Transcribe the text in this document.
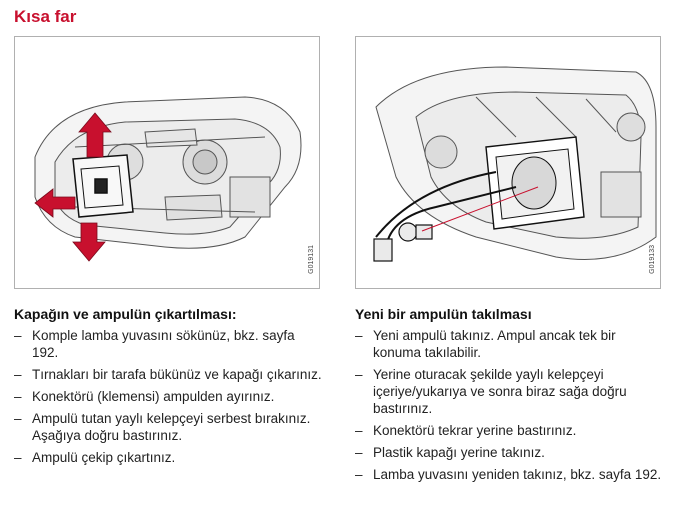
Kısa far
G019131	G019133
Kapağın ve ampulün çıkartılması:
– Komple lamba yuvasını sökünüz, bkz. sayfa 192.
– Tırnakları bir tarafa bükünüz ve kapağı çıkarınız.
– Konektörü (klemensi) ampulden ayırınız.
– Ampulü tutan yaylı kelepçeyi serbest bırakınız. Aşağıya doğru bastırınız.
– Ampulü çekip çıkartınız.
Yeni bir ampulün takılması
– Yeni ampulü takınız. Ampul ancak tek bir konuma takılabilir.
– Yerine oturacak şekilde yaylı kelepçeyi içeriye/yukarıya ve sonra biraz sağa doğru bastırınız.
– Konektörü tekrar yerine bastırınız.
– Plastik kapağı yerine takınız.
– Lamba yuvasını yeniden takınız, bkz. sayfa 192.
